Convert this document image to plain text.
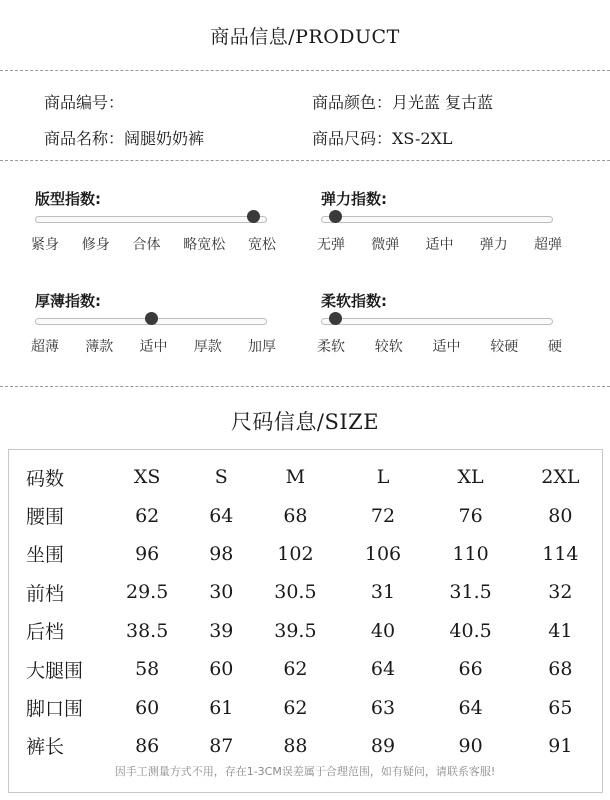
商品信息/PRODUCT
商品编号：	商品颜色：月光蓝 复古蓝
商品名称：阔腿奶奶裤	商品尺码：XS-2XL
版型指数:
紧身 修身 合体 略宽松 宽松
弹力指数:
无弹 微弹 适中 弹力 超弹
厚薄指数:
超薄 薄款 适中 厚款 加厚
柔软指数:
柔软 较软 适中 较硬 硬
尺码信息/SIZE
码数	XS	S	M	L	XL	2XL
腰围	62	64	68	72	76	80
坐围	96	98	102	106	110	114
前档	29.5	30	30.5	31	31.5	32
后档	38.5	39	39.5	40	40.5	41
大腿围	58	60	62	64	66	68
脚口围	60	61	62	63	64	65
裤长	86	87	88	89	90	91
因手工测量方式不用，存在1-3CM误差属于合理范围，如有疑问，请联系客服!
